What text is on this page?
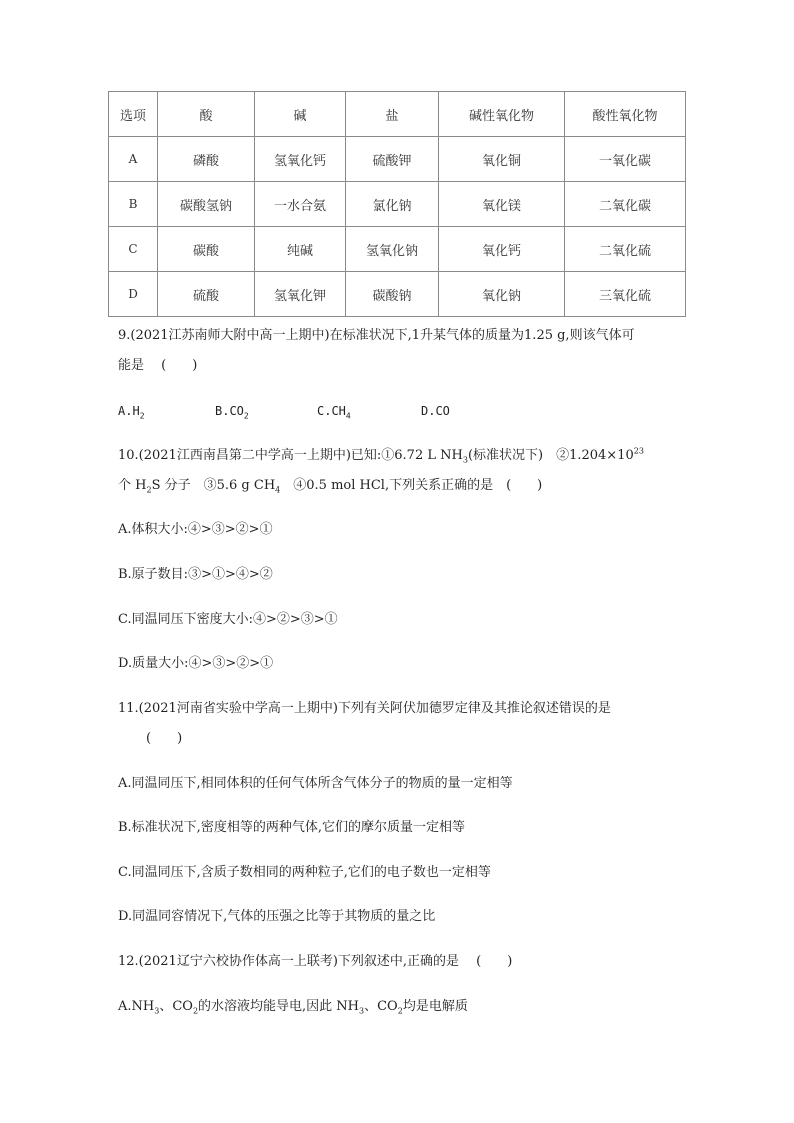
选项	酸	碱	盐	碱性氧化物	酸性氧化物
A	磷酸	氢氧化钙	硫酸钾	氧化铜	一氧化碳
B	碳酸氢钠	一水合氨	氯化钠	氧化镁	二氧化碳
C	碳酸	纯碱	氢氧化钠	氧化钙	二氧化硫
D	硫酸	氢氧化钾	碳酸钠	氧化钠	三氧化硫
9.(2021江苏南师大附中高一上期中)在标准状况下,1升某气体的质量为1.25 g,则该气体可
能是　 (　　)
$A.H_2$	$B.CO_2$	$C.CH_4$	D.CO
10.(2021江西南昌第二中学高一上期中)已知:①6.72 L $NH_3$(标准状况下)　$②1.204\times 10^{23}$
个 $H_2S$ 分子　③5.6 g $CH_4$　④0.5 mol HCl,下列关系正确的是　(　　)
A.体积大小:④>③>②>①
B.原子数目:③>①>④>②
C.同温同压下密度大小:④>②>③>①
D.质量大小:④>③>②>①
11.(2021河南省实验中学高一上期中)下列有关阿伏加德罗定律及其推论叙述错误的是
(　　)
A.同温同压下,相同体积的任何气体所含气体分子的物质的量一定相等
B.标准状况下,密度相等的两种气体,它们的摩尔质量一定相等
C.同温同压下,含质子数相同的两种粒子,它们的电子数也一定相等
D.同温同容情况下,气体的压强之比等于其物质的量之比
12.(2021辽宁六校协作体高一上联考)下列叙述中,正确的是　 (　　)
$A.NH_3$、$CO_2$的水溶液均能导电,因此 $NH_3$、$CO_2$均是电解质
